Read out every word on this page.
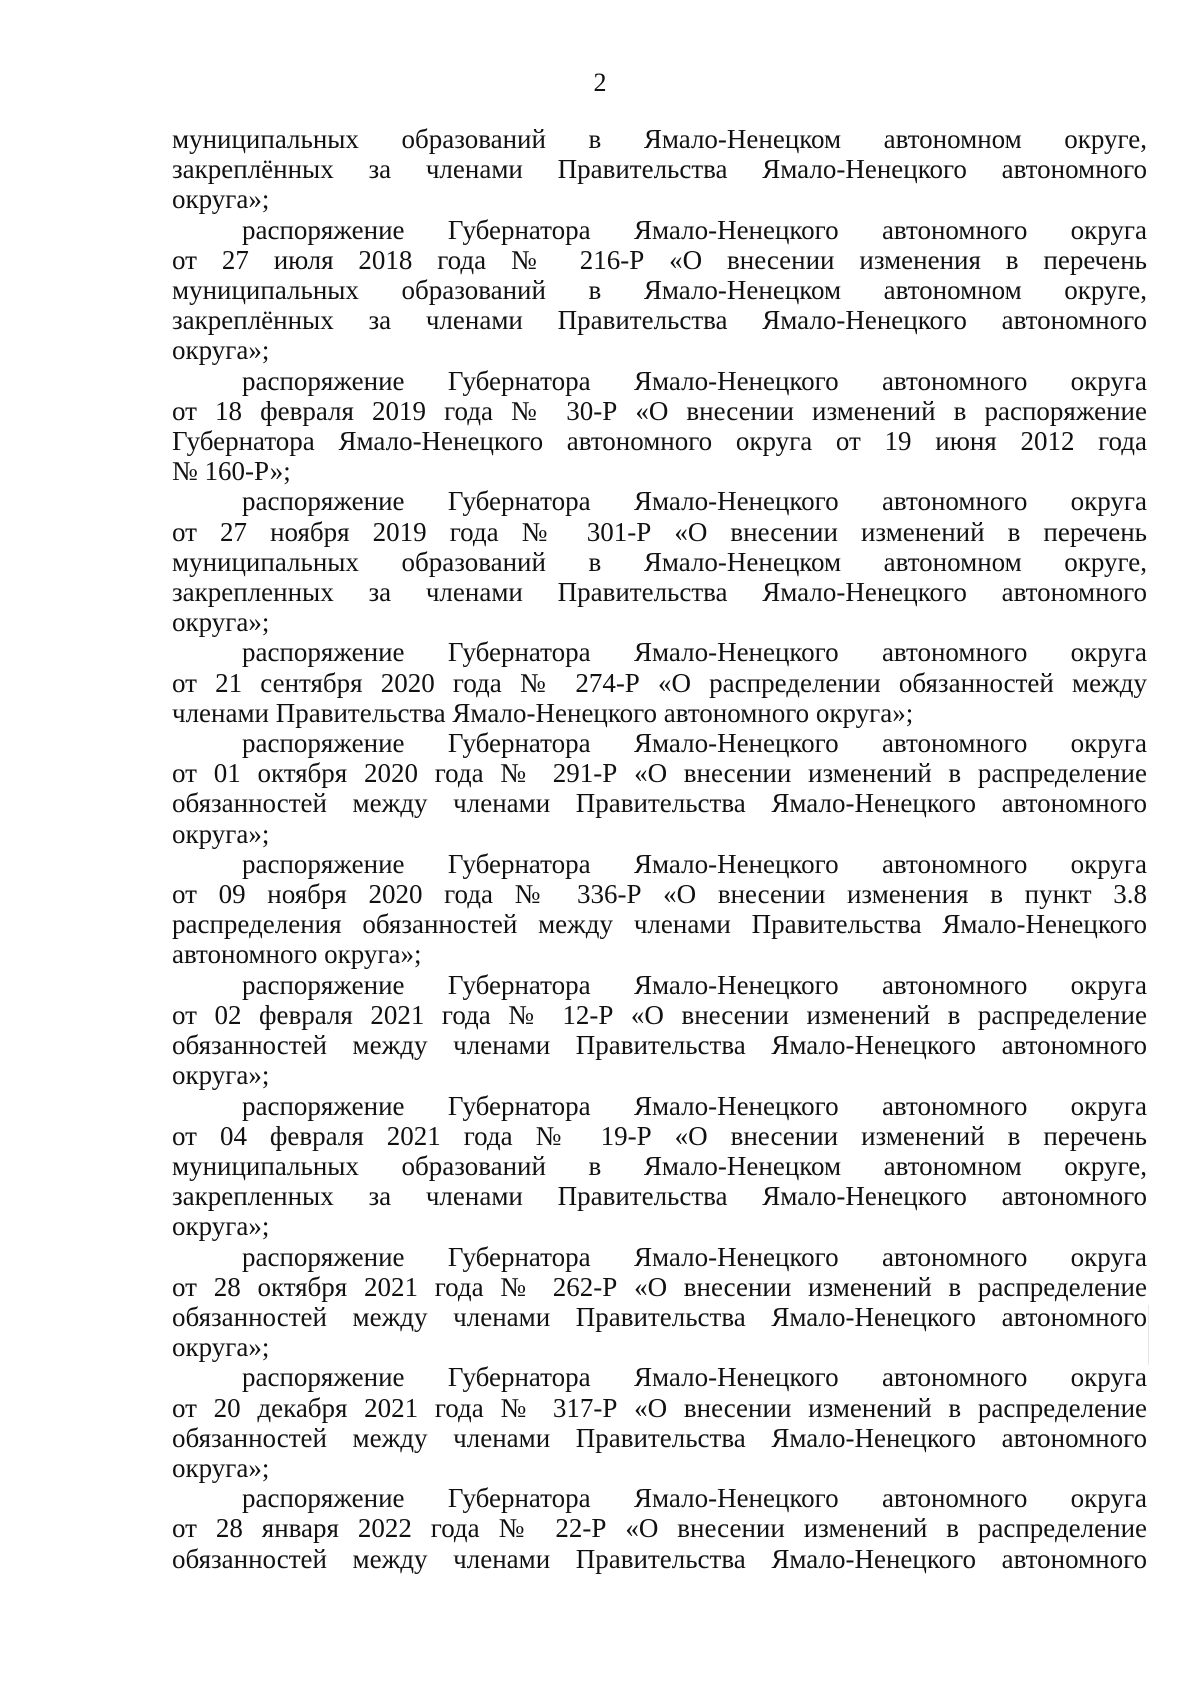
2
муниципальных образований в Ямало-Ненецком автономном округе,
закреплённых за членами Правительства Ямало-Ненецкого автономного
округа»;
распоряжение Губернатора Ямало-Ненецкого автономного округа
от 27 июля 2018 года № 216-Р «О внесении изменения в перечень
муниципальных образований в Ямало-Ненецком автономном округе,
закреплённых за членами Правительства Ямало-Ненецкого автономного
округа»;
распоряжение Губернатора Ямало-Ненецкого автономного округа
от 18 февраля 2019 года № 30-Р «О внесении изменений в распоряжение
Губернатора Ямало-Ненецкого автономного округа от 19 июня 2012 года
№ 160-Р»;
распоряжение Губернатора Ямало-Ненецкого автономного округа
от 27 ноября 2019 года № 301-Р «О внесении изменений в перечень
муниципальных образований в Ямало-Ненецком автономном округе,
закрепленных за членами Правительства Ямало-Ненецкого автономного
округа»;
распоряжение Губернатора Ямало-Ненецкого автономного округа
от 21 сентября 2020 года № 274-Р «О распределении обязанностей между
членами Правительства Ямало-Ненецкого автономного округа»;
распоряжение Губернатора Ямало-Ненецкого автономного округа
от 01 октября 2020 года № 291-Р «О внесении изменений в распределение
обязанностей между членами Правительства Ямало-Ненецкого автономного
округа»;
распоряжение Губернатора Ямало-Ненецкого автономного округа
от 09 ноября 2020 года № 336-Р «О внесении изменения в пункт 3.8
распределения обязанностей между членами Правительства Ямало-Ненецкого
автономного округа»;
распоряжение Губернатора Ямало-Ненецкого автономного округа
от 02 февраля 2021 года № 12-Р «О внесении изменений в распределение
обязанностей между членами Правительства Ямало-Ненецкого автономного
округа»;
распоряжение Губернатора Ямало-Ненецкого автономного округа
от 04 февраля 2021 года № 19-Р «О внесении изменений в перечень
муниципальных образований в Ямало-Ненецком автономном округе,
закрепленных за членами Правительства Ямало-Ненецкого автономного
округа»;
распоряжение Губернатора Ямало-Ненецкого автономного округа
от 28 октября 2021 года № 262-Р «О внесении изменений в распределение
обязанностей между членами Правительства Ямало-Ненецкого автономного
округа»;
распоряжение Губернатора Ямало-Ненецкого автономного округа
от 20 декабря 2021 года № 317-Р «О внесении изменений в распределение
обязанностей между членами Правительства Ямало-Ненецкого автономного
округа»;
распоряжение Губернатора Ямало-Ненецкого автономного округа
от 28 января 2022 года № 22-Р «О внесении изменений в распределение
обязанностей между членами Правительства Ямало-Ненецкого автономного
